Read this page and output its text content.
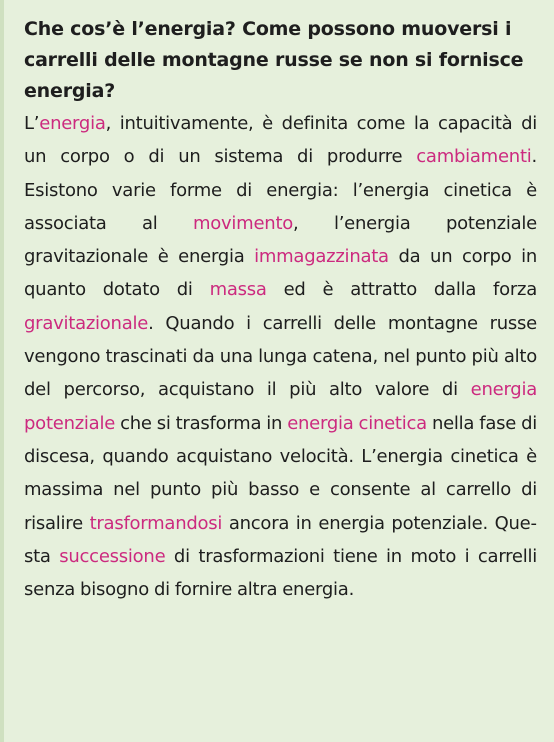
Che cos’è l’energia? Come possono muoversi i carrelli delle montagne russe se non si fornisce energia?

L’energia, intuitivamente, è definita come la capacità di un corpo o di un sistema di produrre cambiamenti. Esistono varie forme di energia: l’energia cinetica è associata al movimento, l’energia potenziale gravitazionale è energia immagazzinata da un corpo in quanto dotato di massa ed è attratto dalla forza gravitazionale. Quando i carrelli delle montagne russe vengono trascinati da una lunga catena, nel punto più alto del percorso, acquistano il più alto valore di energia potenziale che si trasforma in energia cinetica nella fase di discesa, quando acquistano velocità. L’energia cinetica è massima nel punto più basso e consente al carrello di risalire trasformandosi ancora in energia potenziale. Questa successione di trasformazioni tiene in moto i carrelli senza bisogno di fornire altra energia.
